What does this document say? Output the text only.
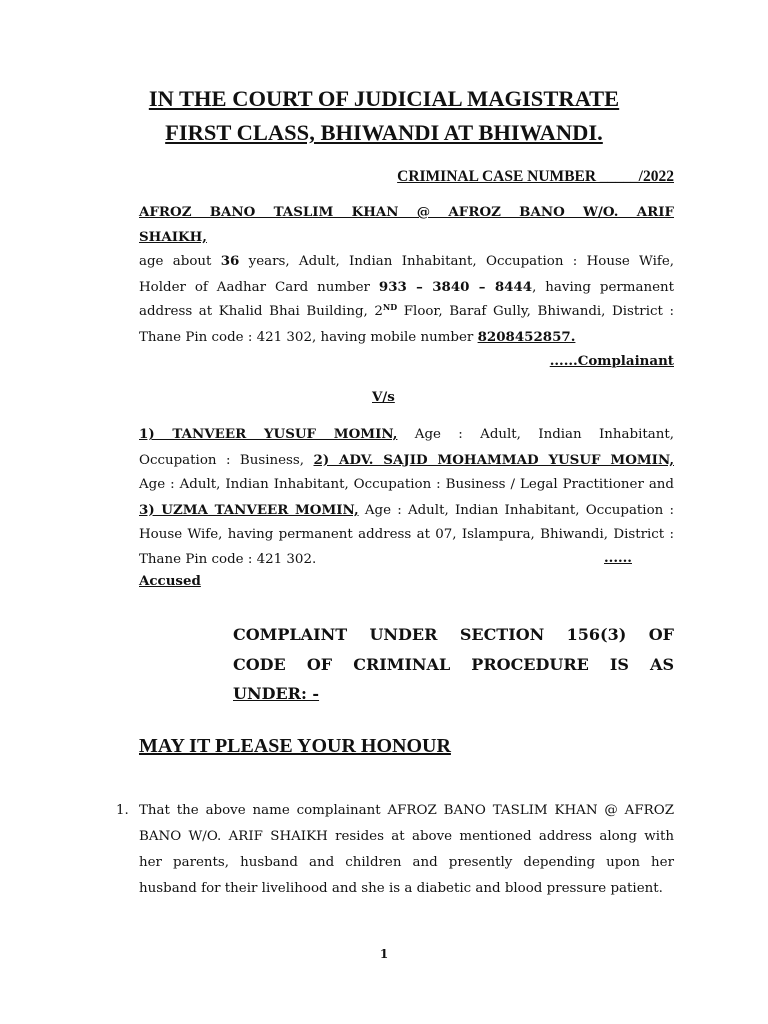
IN THE COURT OF JUDICIAL MAGISTRATE
FIRST CLASS, BHIWANDI AT BHIWANDI.
CRIMINAL CASE NUMBER _____/2022
AFROZ BANO TASLIM KHAN @ AFROZ BANO W/O. ARIF
SHAIKH,
age about 36 years, Adult, Indian Inhabitant, Occupation : House Wife,
Holder of Aadhar Card number 933 – 3840 – 8444, having permanent
address at Khalid Bhai Building, 2ND Floor, Baraf Gully, Bhiwandi, District :
Thane Pin code : 421 302, having mobile number 8208452857.
......Complainant
V/s
1) TANVEER YUSUF MOMIN, Age : Adult, Indian Inhabitant,
Occupation : Business, 2) ADV. SAJID MOHAMMAD YUSUF MOMIN,
Age : Adult, Indian Inhabitant, Occupation : Business / Legal Practitioner and
3) UZMA TANVEER MOMIN, Age : Adult, Indian Inhabitant, Occupation :
House Wife, having permanent address at 07, Islampura, Bhiwandi, District :
Thane Pin code : 421 302.	......
Accused
COMPLAINT UNDER SECTION 156(3) OF
CODE OF CRIMINAL PROCEDURE IS AS
UNDER: -
MAY IT PLEASE YOUR HONOUR
1. That the above name complainant AFROZ BANO TASLIM KHAN @ AFROZ
BANO W/O. ARIF SHAIKH resides at above mentioned address along with
her parents, husband and children and presently depending upon her
husband for their livelihood and she is a diabetic and blood pressure patient.
1
